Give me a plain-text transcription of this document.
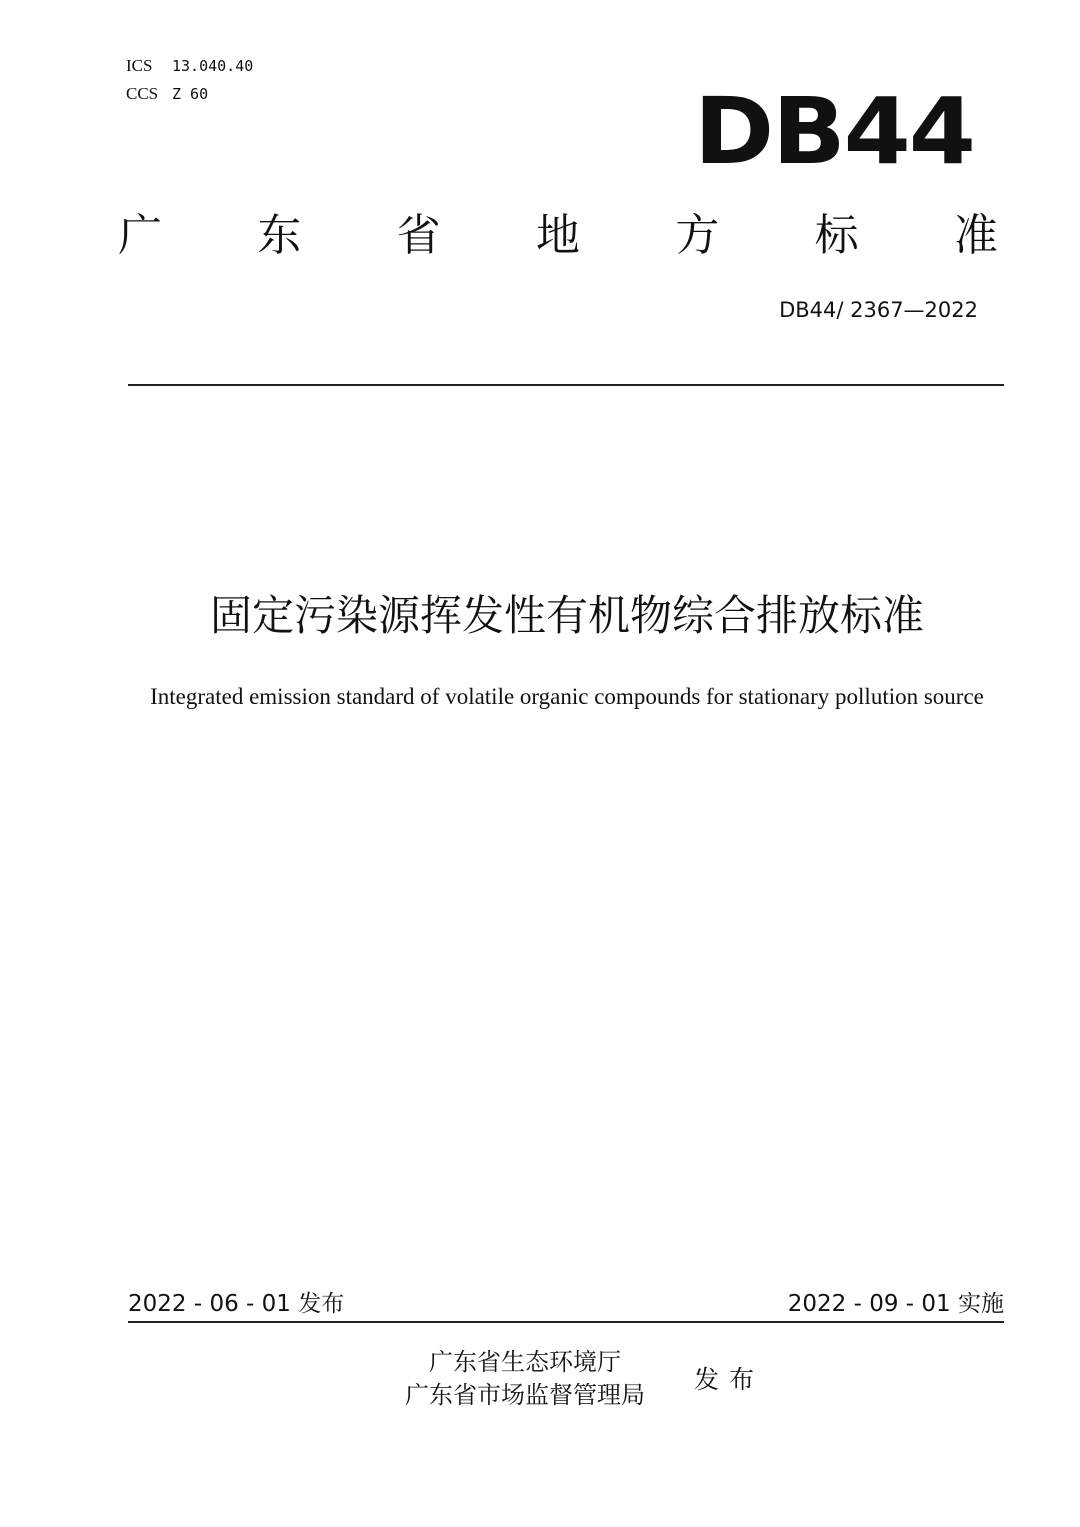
ICS 13.040.40
CCS Z 60	DB44
广 东 省 地 方 标 准
DB44/ 2367—2022
固定污染源挥发性有机物综合排放标准
Integrated emission standard of volatile organic compounds for stationary pollution source
2022 - 06 - 01 发布	2022 - 09 - 01 实施
广东省生态环境厅
广东省市场监督管理局
发布
